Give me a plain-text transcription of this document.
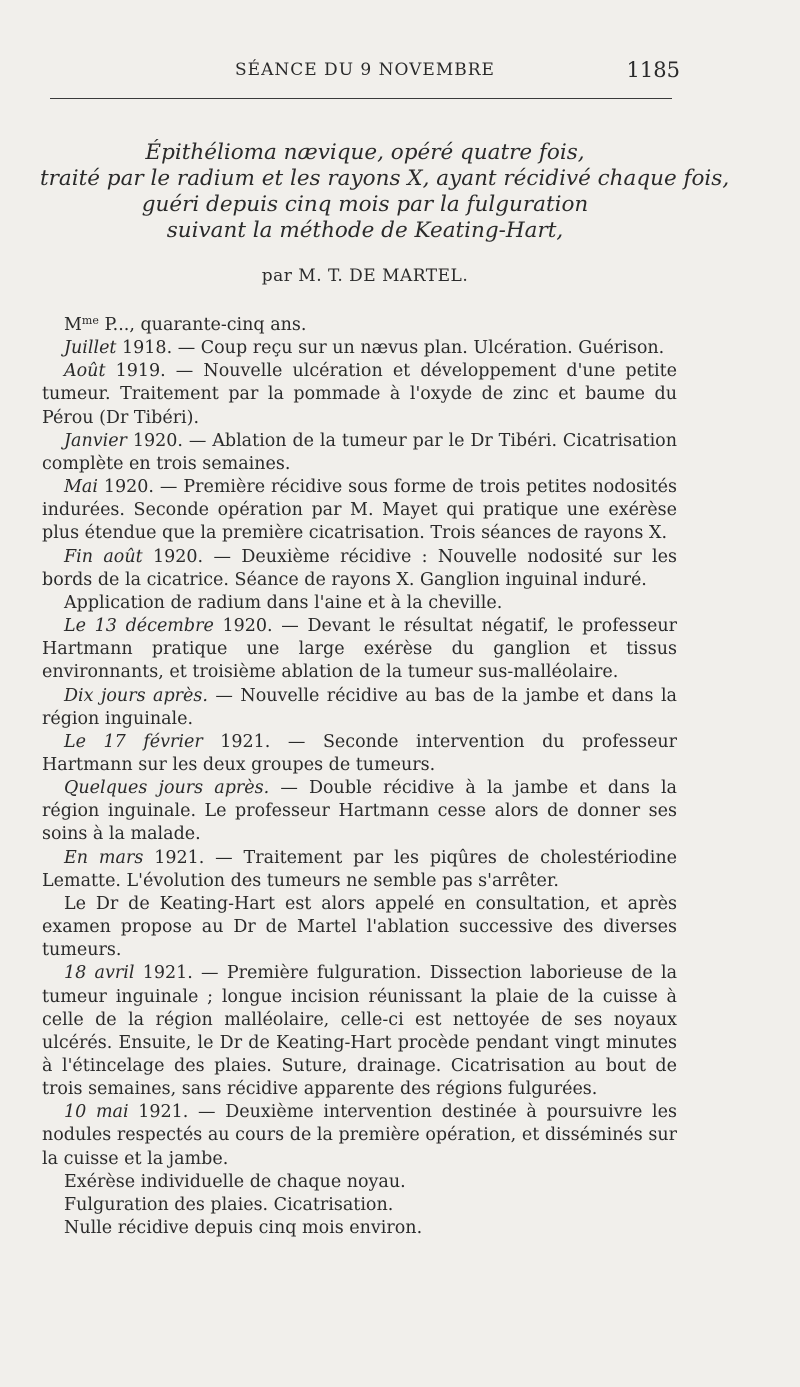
SÉANCE DU 9 NOVEMBRE	1185
Épithélioma nævique, opéré quatre fois,
traité par le radium et les rayons X, ayant récidivé chaque fois,
guéri depuis cinq mois par la fulguration
suivant la méthode de Keating-Hart,
par M. T. DE MARTEL.

$M^{me}$ P..., quarante-cinq ans.

Juillet 1918. — Coup reçu sur un nævus plan. Ulcération. Guérison.

Août 1919. — Nouvelle ulcération et développement d'une petite tumeur. Traitement par la pommade à l'oxyde de zinc et baume du Pérou (Dr Tibéri).

Janvier 1920. — Ablation de la tumeur par le Dr Tibéri. Cicatrisation complète en trois semaines.

Mai 1920. — Première récidive sous forme de trois petites nodosités indurées. Seconde opération par M. Mayet qui pratique une exérèse plus étendue que la première cicatrisation. Trois séances de rayons X.

Fin août 1920. — Deuxième récidive : Nouvelle nodosité sur les bords de la cicatrice. Séance de rayons X. Ganglion inguinal induré.

Application de radium dans l'aine et à la cheville.

Le 13 décembre 1920. — Devant le résultat négatif, le professeur Hartmann pratique une large exérèse du ganglion et tissus environnants, et troisième ablation de la tumeur sus-malléolaire.

Dix jours après. — Nouvelle récidive au bas de la jambe et dans la région inguinale.

Le 17 février 1921. — Seconde intervention du professeur Hartmann sur les deux groupes de tumeurs.

Quelques jours après. — Double récidive à la jambe et dans la région inguinale. Le professeur Hartmann cesse alors de donner ses soins à la malade.

En mars 1921. — Traitement par les piqûres de cholestériodine Lematte. L'évolution des tumeurs ne semble pas s'arrêter.

Le Dr de Keating-Hart est alors appelé en consultation, et après examen propose au Dr de Martel l'ablation successive des diverses tumeurs.

18 avril 1921. — Première fulguration. Dissection laborieuse de la tumeur inguinale ; longue incision réunissant la plaie de la cuisse à celle de la région malléolaire, celle-ci est nettoyée de ses noyaux ulcérés. Ensuite, le Dr de Keating-Hart procède pendant vingt minutes à l'étincelage des plaies. Suture, drainage. Cicatrisation au bout de trois semaines, sans récidive apparente des régions fulgurées.

10 mai 1921. — Deuxième intervention destinée à poursuivre les nodules respectés au cours de la première opération, et disséminés sur la cuisse et la jambe.

Exérèse individuelle de chaque noyau.

Fulguration des plaies. Cicatrisation.

Nulle récidive depuis cinq mois environ.
